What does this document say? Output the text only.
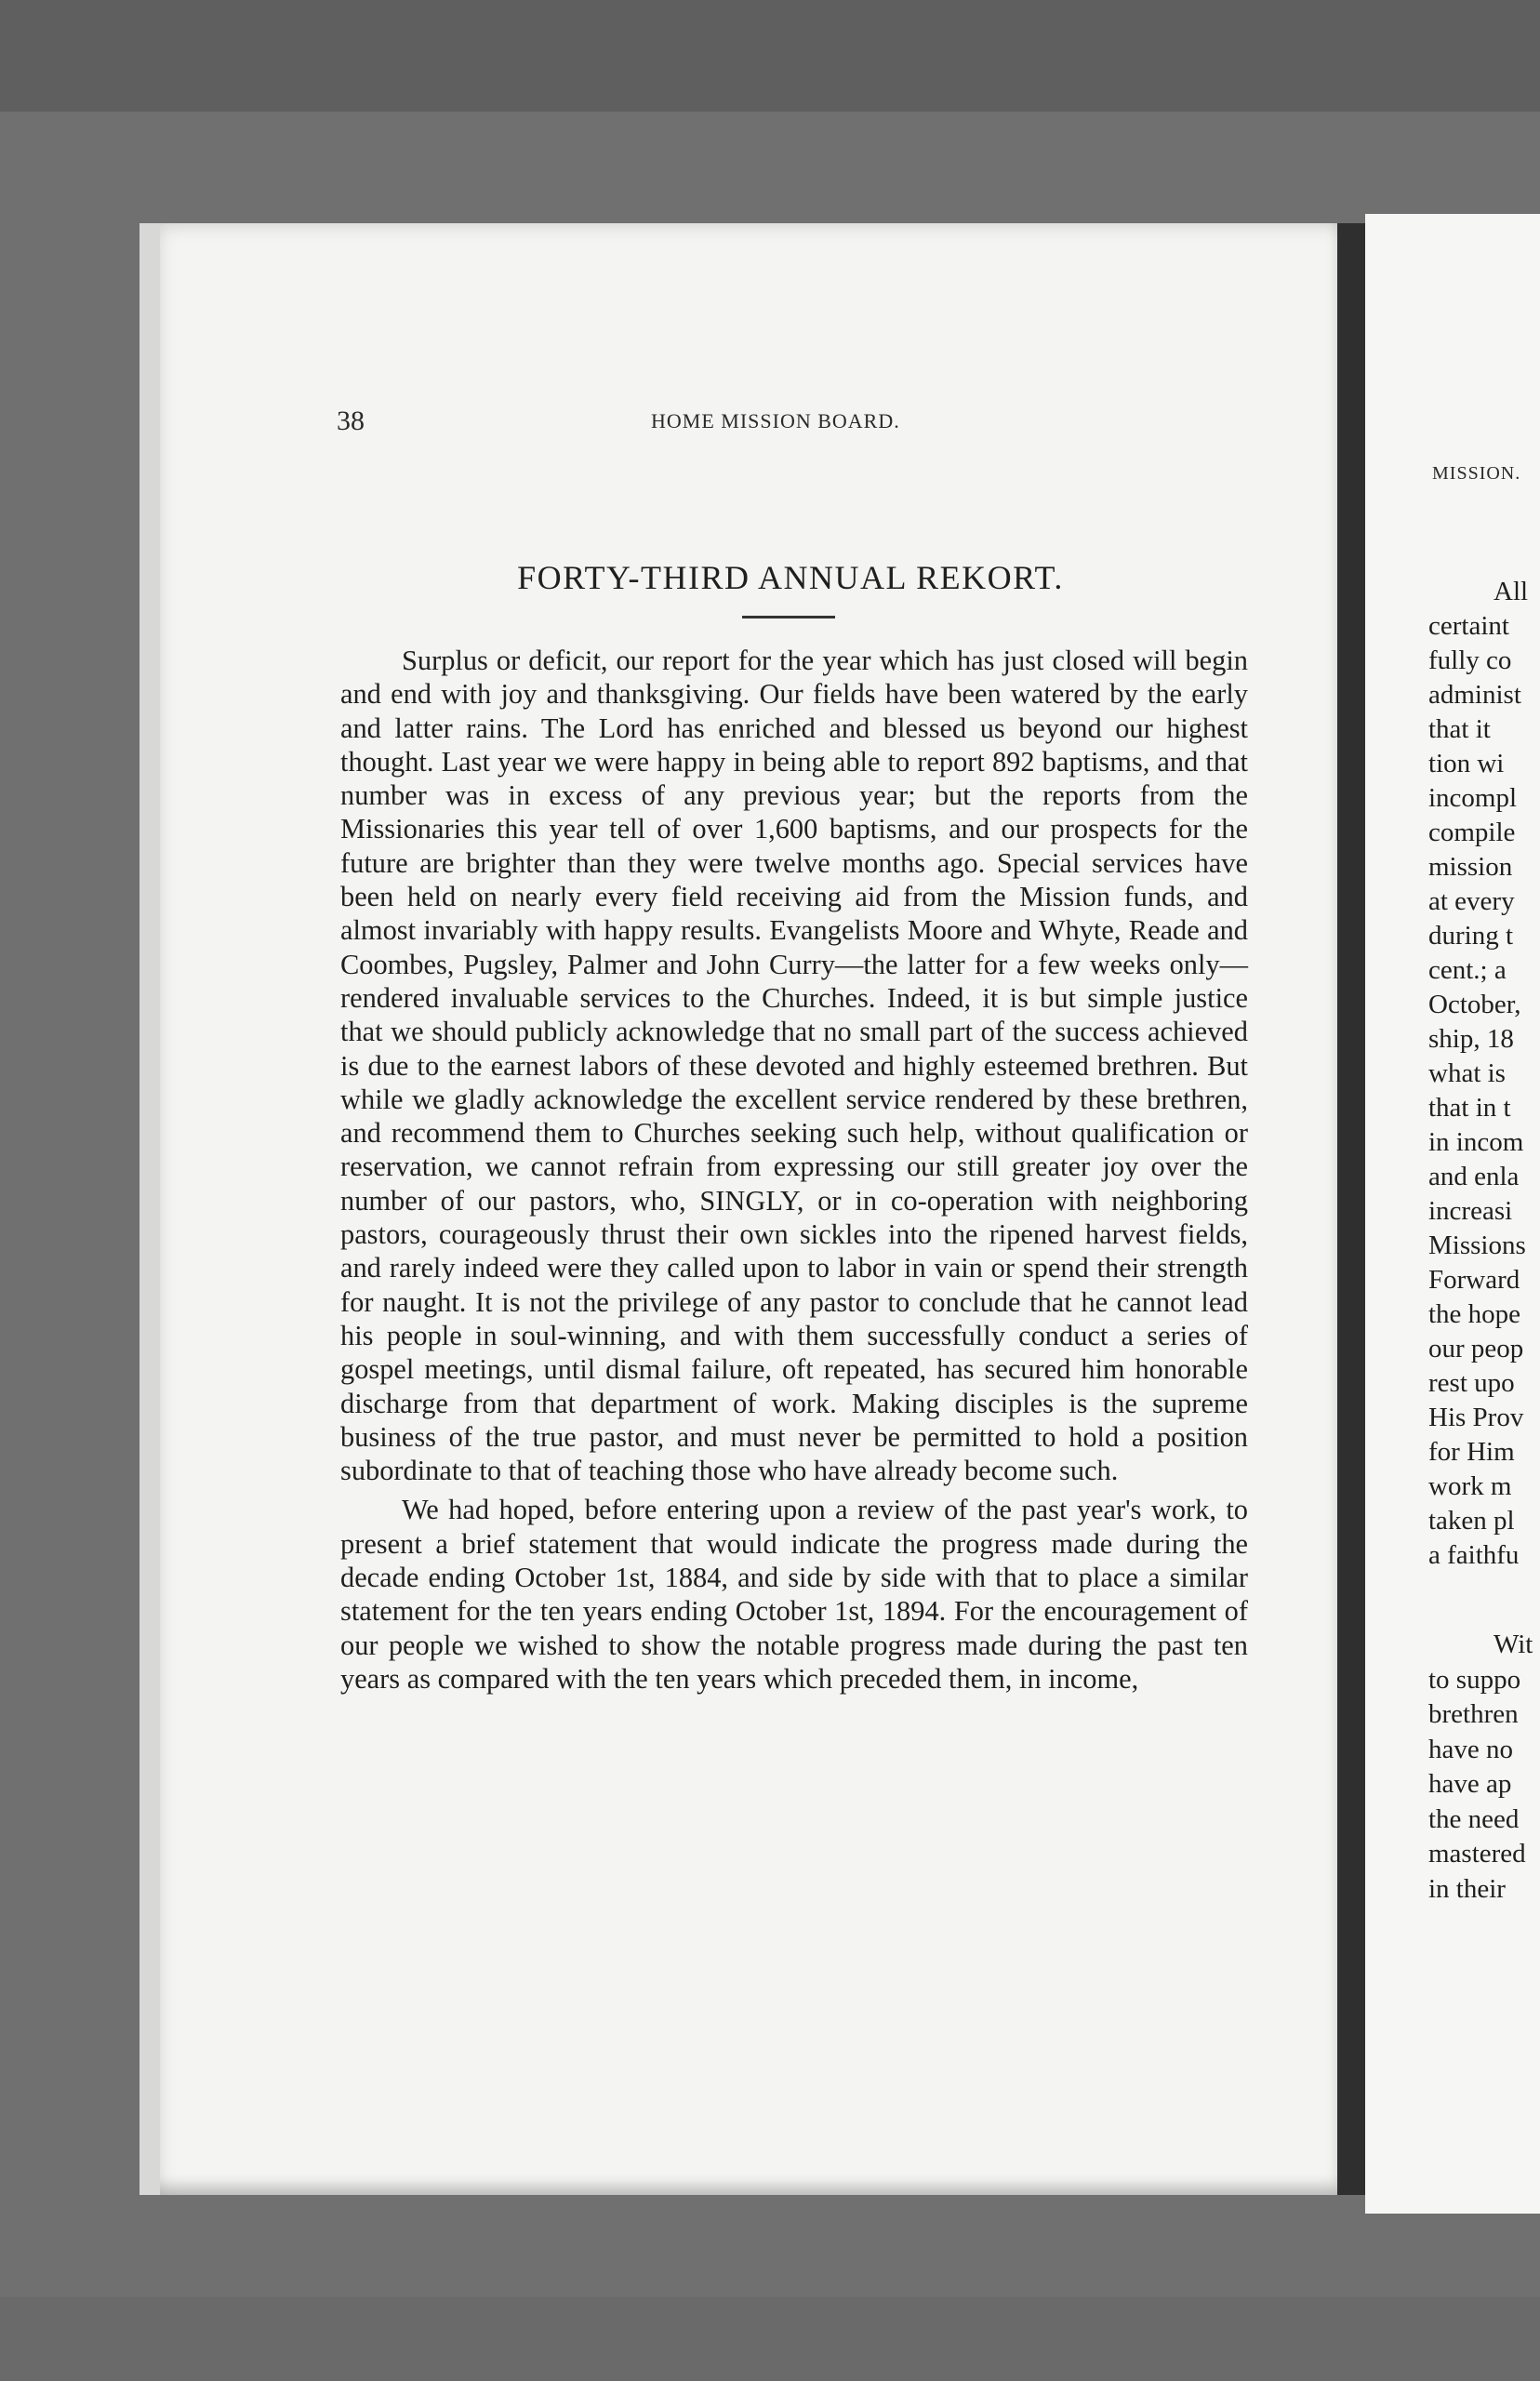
38	HOME MISSION BOARD.
FORTY-THIRD ANNUAL REKORT.

Surplus or deficit, our report for the year which has just closed will begin and end with joy and thanksgiving. Our fields have been watered by the early and latter rains. The Lord has enriched and blessed us beyond our highest thought. Last year we were happy in being able to report 892 baptisms, and that number was in excess of any previous year; but the reports from the Missionaries this year tell of over 1,600 baptisms, and our prospects for the future are brighter than they were twelve months ago. Special services have been held on nearly every field receiving aid from the Mission funds, and almost invariably with happy results. Evangelists Moore and Whyte, Reade and Coombes, Pugsley, Palmer and John Curry—the latter for a few weeks only—rendered invaluable services to the Churches. Indeed, it is but simple justice that we should publicly acknowledge that no small part of the success achieved is due to the earnest labors of these devoted and highly esteemed brethren. But while we gladly acknowledge the excellent service rendered by these brethren, and recommend them to Churches seeking such help, without qualification or reservation, we cannot refrain from expressing our still greater joy over the number of our pastors, who, SINGLY, or in co-operation with neighboring pastors, courageously thrust their own sickles into the ripened harvest fields, and rarely indeed were they called upon to labor in vain or spend their strength for naught. It is not the privilege of any pastor to conclude that he cannot lead his people in soul-winning, and with them successfully conduct a series of gospel meetings, until dismal failure, oft repeated, has secured him honorable discharge from that department of work. Making disciples is the supreme business of the true pastor, and must never be permitted to hold a position subordinate to that of teaching those who have already become such.

We had hoped, before entering upon a review of the past year's work, to present a brief statement that would indicate the progress made during the decade ending October 1st, 1884, and side by side with that to place a similar statement for the ten years ending October 1st, 1894. For the encouragement of our people we wished to show the notable progress made during the past ten years as compared with the ten years which preceded them, in income,

MISSION.
All
certaint
fully co
administ
that it
tion wi
incompl
compile
mission
at every
during t
cent.; a
October,
ship, 18
what is
that in t
in incom
and enla
increasi
Missions
Forward
the hope
our peop
rest upo
His Prov
for Him
work m
taken pl
a faithfu
Wit
to suppo
brethren
have no
have ap
the need
mastered
in their
